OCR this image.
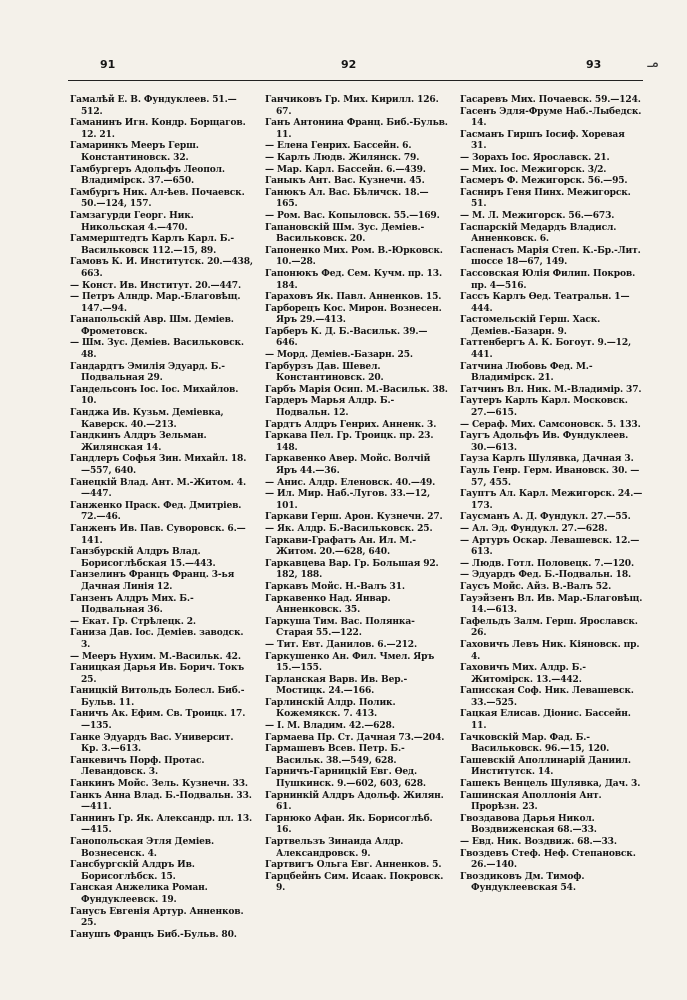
91	92	93	مـ
Гамалѣй Е. В. Фундуклеев. 51.—512.
Гаманинъ Игн. Кондр. Борщагов. 12. 21.
Гамаринкъ Мееръ Герш. Константиновск. 32.
Гамбургеръ Адольфъ Леопол. Владимірск. 37.—650.
Гамбургъ Ник. Ал-ѣев. Почаевск. 50.—124, 157.
Гамзагурди Георг. Ник. Никольская 4.—470.
Гаммерштедтъ Карлъ Карл. Б.-Васильковск 112.—15, 89.
Гамовъ К. И. Институтск. 20.—438, 663.
— Конст. Ив. Институт. 20.—447.
— Петръ Алндр. Мар.-Благовѣщ. 147.—94.
Ганапольскій Авр. Шм. Деміев. Фрометовск.
— Шм. Зус. Деміев. Васильковск. 48.
Гандардтъ Эмилія Эдуард. Б.-Подвальная 29.
Гандельсонъ Іос. Іос. Михайлов. 10.
Ганджа Ив. Кузьм. Деміевка, Каверск. 40.—213.
Гандкинъ Алдръ Зельман. Жилянская 14.
Гандлеръ Софья Зин. Михайл. 18.—557, 640.
Ганецкій Влад. Ант. М.-Житом. 4.—447.
Ганженко Праск. Фед. Дмитріев. 72.—46.
Ганженъ Ив. Пав. Суворовск. 6.—141.
Ганзбурскій Алдръ Влад. Борисоглѣбская 15.—443.
Ганзелинъ Францъ Франц. 3-ья Дачная Линія 12.
Ганзенъ Алдръ Мих. Б.-Подвальная 36.
— Екат. Гр. Стрѣлецк. 2.
Ганиза Дав. Іос. Деміев. заводск. 3.
— Мееръ Нухим. М.-Васильк. 42.
Ганицкая Дарья Ив. Борич. Токъ 25.
Ганицкій Витольдъ Болесл. Биб.-Бульв. 11.
Ганичъ Ак. Ефим. Св. Троицк. 17.—135.
Ганке Эдуардъ Вас. Университ. Кр. 3.—613.
Ганкевичъ Порф. Протас. Левандовск. 3.
Ганкинъ Мойс. Зель. Кузнечн. 33.
Ганкъ Анна Влад. Б.-Подвальн. 33.—411.
Ганнинъ Гр. Як. Александр. пл. 13.—415.
Ганопольская Этля Деміев. Вознесенск. 4.
Гансбургскій Алдръ Ив. Борисоглѣбск. 15.
Ганская Анжелика Роман. Фундуклеевск. 19.
Ганусъ Евгенія Артур. Анненков. 25.
Ганушъ Францъ Биб.-Бульв. 80.
Ганчиковъ Гр. Мих. Кирилл. 126. 67.
Ганъ Антонина Франц. Биб.-Бульв. 11.
— Елена Генрих. Бассейн. 6.
— Карлъ Людв. Жилянск. 79.
— Мар. Карл. Бассейн. 6.—439.
Ганыкъ Ант. Вас. Кузнечн. 45.
Ганюкъ Ал. Вас. Бѣличск. 18.—165.
— Ром. Вас. Копыловск. 55.—169.
Гапановскій Шм. Зус. Деміев.-Васильковск. 20.
Гапоненко Мих. Ром. В.-Юрковск. 10.—28.
Гапонюкъ Фед. Сем. Кучм. пр. 13. 184.
Гараховъ Як. Павл. Анненков. 15.
Гарборецъ Кос. Мирон. Вознесен. Яръ 29.—413.
Гарберъ К. Д. Б.-Васильк. 39.—646.
— Морд. Деміев.-Базарн. 25.
Гарбурзъ Дав. Шевел. Константиновск. 20.
Гарбъ Марія Осип. М.-Васильк. 38.
Гардеръ Марья Алдр. Б.-Подвальн. 12.
Гардтъ Алдръ Генрих. Анненк. 3.
Гаркава Пел. Гр. Троицк. пр. 23. 148.
Гаркавенко Авер. Мойс. Волчій Яръ 44.—36.
— Анис. Алдр. Еленовск. 40.—49.
— Ил. Мир. Наб.-Лугов. 33.—12, 101.
Гаркави Герш. Арон. Кузнечн. 27.
— Як. Алдр. Б.-Васильковск. 25.
Гаркави-Графатъ Ан. Ил. М.-Житом. 20.—628, 640.
Гаркавцева Вар. Гр. Большая 92. 182, 188.
Гаркавъ Мойс. Н.-Валъ 31.
Гаркавенко Над. Январ. Анненковск. 35.
Гаркуша Тим. Вас. Полянка-Старая 55.—122.
— Тит. Евт. Данилов. 6.—212.
Гаркушенко Ан. Фил. Чмел. Яръ 15.—155.
Гарланская Варв. Ив. Вер.-Мостицк. 24.—166.
Гарлинскій Алдр. Полик. Кожемякск. 7. 413.
— І. М. Владим. 42.—628.
Гармаева Пр. Ст. Дачная 73.—204.
Гармашевъ Всев. Петр. Б.-Васильк. 38.—549, 628.
Гарничъ-Гарницкій Евг. Ѳед. Пушкинск. 9.—602, 603, 628.
Гарнинкій Алдръ Адольф. Жилян. 61.
Гарнюко Афан. Як. Борисоглѣб. 16.
Гартвельзъ Зинаида Алдр. Александровск. 9.
Гартвигъ Ольга Евг. Анненков. 5.
Гарцбейнъ Сим. Исаак. Покровск. 9.
Гасаревъ Мих. Почаевск. 59.—124.
Гасенъ Эдля-Фруме Наб.-Лыбедск. 14.
Гасманъ Гиршъ Іосиф. Хоревая 31.
— Зорахъ Іос. Ярославск. 21.
— Мих. Іос. Межигорск. 3/2.
Гасмеръ Ф. Межигорск. 56.—95.
Гасниръ Геня Пинх. Межигорск. 51.
— М. Л. Межигорск. 56.—673.
Гаспарскій Медардъ Владисл. Анненковск. 6.
Гаспенасъ Марія Степ. К.-Бр.-Лит. шоссе 18—67, 149.
Гассовская Юлія Филип. Покров. пр. 4—516.
Гассъ Карлъ Ѳед. Театральн. 1—444.
Гастомельскій Герш. Хаск. Деміев.-Базарн. 9.
Гаттенбергъ А. К. Богоут. 9.—12, 441.
Гатчина Любовь Фед. М.-Владимірск. 21.
Гатчинъ Вл. Ник. М.-Владимір. 37.
Гаутеръ Карлъ Карл. Московск. 27.—615.
— Сераф. Мих. Самсоновск. 5. 133.
Гаугъ Адольфъ Ив. Фундуклеев. 30.—613.
Гауза Карлъ Шулявка, Дачная 3.
Гауль Генр. Герм. Ивановск. 30. —57, 455.
Гауптъ Ал. Карл. Межигорск. 24.—173.
Гаусманъ А. Д. Фундукл. 27.—55.
— Ал. Эд. Фундукл. 27.—628.
— Артуръ Оскар. Левашевск. 12.—613.
— Людв. Готл. Половецк. 7.—120.
— Эдуардъ Фед. Б.-Подвальн. 18.
Гаусъ Мойс. Айз. В.-Валъ 52.
Гауэйзенъ Вл. Ив. Мар.-Благовѣщ. 14.—613.
Гафельдъ Залм. Герш. Ярославск. 26.
Гаховичъ Левъ Ник. Кіяновск. пр. 4.
Гаховичъ Мих. Алдр. Б.-Житомірск. 13.—442.
Гаписская Соф. Ник. Левашевск. 33.—525.
Гацкая Елисав. Діонис. Бассейн. 11.
Гачковскій Мар. Фад. Б.-Васильковск. 96.—15, 120.
Гашевскій Аполлинарій Даниил. Институтск. 14.
Гашекъ Венцель Шулявка, Дач. 3.
Гашинская Аполлонія Ант. Прорѣзн. 23.
Гвоздавова Дарья Никол. Воздвиженская 68.—33.
— Евд. Ник. Воздвиж. 68.—33.
Гвоздевъ Стеф. Неф. Степановск. 26.—140.
Гвоздиковъ Дм. Тимоф. Фундуклеевская 54.
